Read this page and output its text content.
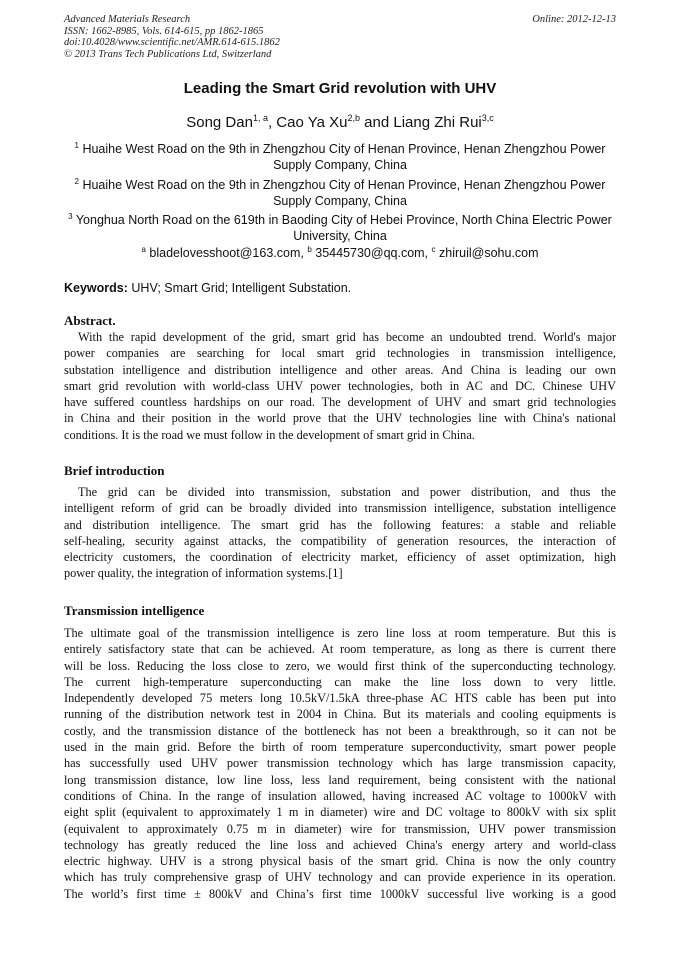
Advanced Materials Research
ISSN: 1662-8985, Vols. 614-615, pp 1862-1865
doi:10.4028/www.scientific.net/AMR.614-615.1862
© 2013 Trans Tech Publications Ltd, Switzerland
Online: 2012-12-13
Leading the Smart Grid revolution with UHV
Song Dan$^{1, a}$, Cao Ya Xu$^{2,b}$ and Liang Zhi Rui$^{3,c}$
$^1$ Huaihe West Road on the 9th in Zhengzhou City of Henan Province, Henan Zhengzhou Power
Supply Company, China
$^2$ Huaihe West Road on the 9th in Zhengzhou City of Henan Province, Henan Zhengzhou Power
Supply Company, China
$^3$ Yonghua North Road on the 619th in Baoding City of Hebei Province, North China Electric Power
University, China
$^a$ bladelovesshoot@163.com, $^b$ 35445730@qq.com, $^c$ zhiruil@sohu.com
Keywords: UHV; Smart Grid; Intelligent Substation.
Abstract.
With the rapid development of the grid, smart grid has become an undoubted trend. World's major
power companies are searching for local smart grid technologies in transmission intelligence,
substation intelligence and distribution intelligence and other areas. And China is leading our own
smart grid revolution with world-class UHV power technologies, both in AC and DC. Chinese UHV
have suffered countless hardships on our road. The development of UHV and smart grid technologies
in China and their position in the world prove that the UHV technologies line with China's national
conditions. It is the road we must follow in the development of smart grid in China.
Brief introduction
The grid can be divided into transmission, substation and power distribution, and thus the
intelligent reform of grid can be broadly divided into transmission intelligence, substation intelligence
and distribution intelligence. The smart grid has the following features: a stable and reliable
self-healing, security against attacks, the compatibility of generation resources, the interaction of
electricity customers, the coordination of electricity market, efficiency of asset optimization, high
power quality, the integration of information systems.[1]
Transmission intelligence
The ultimate goal of the transmission intelligence is zero line loss at room temperature. But this is
entirely satisfactory state that can be achieved. At room temperature, as long as there is current there
will be loss. Reducing the loss close to zero, we would first think of the superconducting technology.
The current high-temperature superconducting can make the line loss down to very little.
Independently developed 75 meters long 10.5kV/1.5kA three-phase AC HTS cable has been put into
running of the distribution network test in 2004 in China. But its materials and cooling equipments is
costly, and the transmission distance of the bottleneck has not been a breakthrough, so it can not be
used in the main grid. Before the birth of room temperature superconductivity, smart power people
has successfully used UHV power transmission technology which has large transmission capacity,
long transmission distance, low line loss, less land requirement, being consistent with the national
conditions of China. In the range of insulation allowed, having increased AC voltage to 1000kV with
eight split (equivalent to approximately 1 m in diameter) wire and DC voltage to 800kV with six split
(equivalent to approximately 0.75 m in diameter) wire for transmission, UHV power transmission
technology has greatly reduced the line loss and achieved China's energy artery and world-class
electric highway. UHV is a strong physical basis of the smart grid. China is now the only country
which has truly comprehensive grasp of UHV technology and can provide experience in its operation.
The world’s first time ± 800kV and China’s first time 1000kV successful live working is a good
